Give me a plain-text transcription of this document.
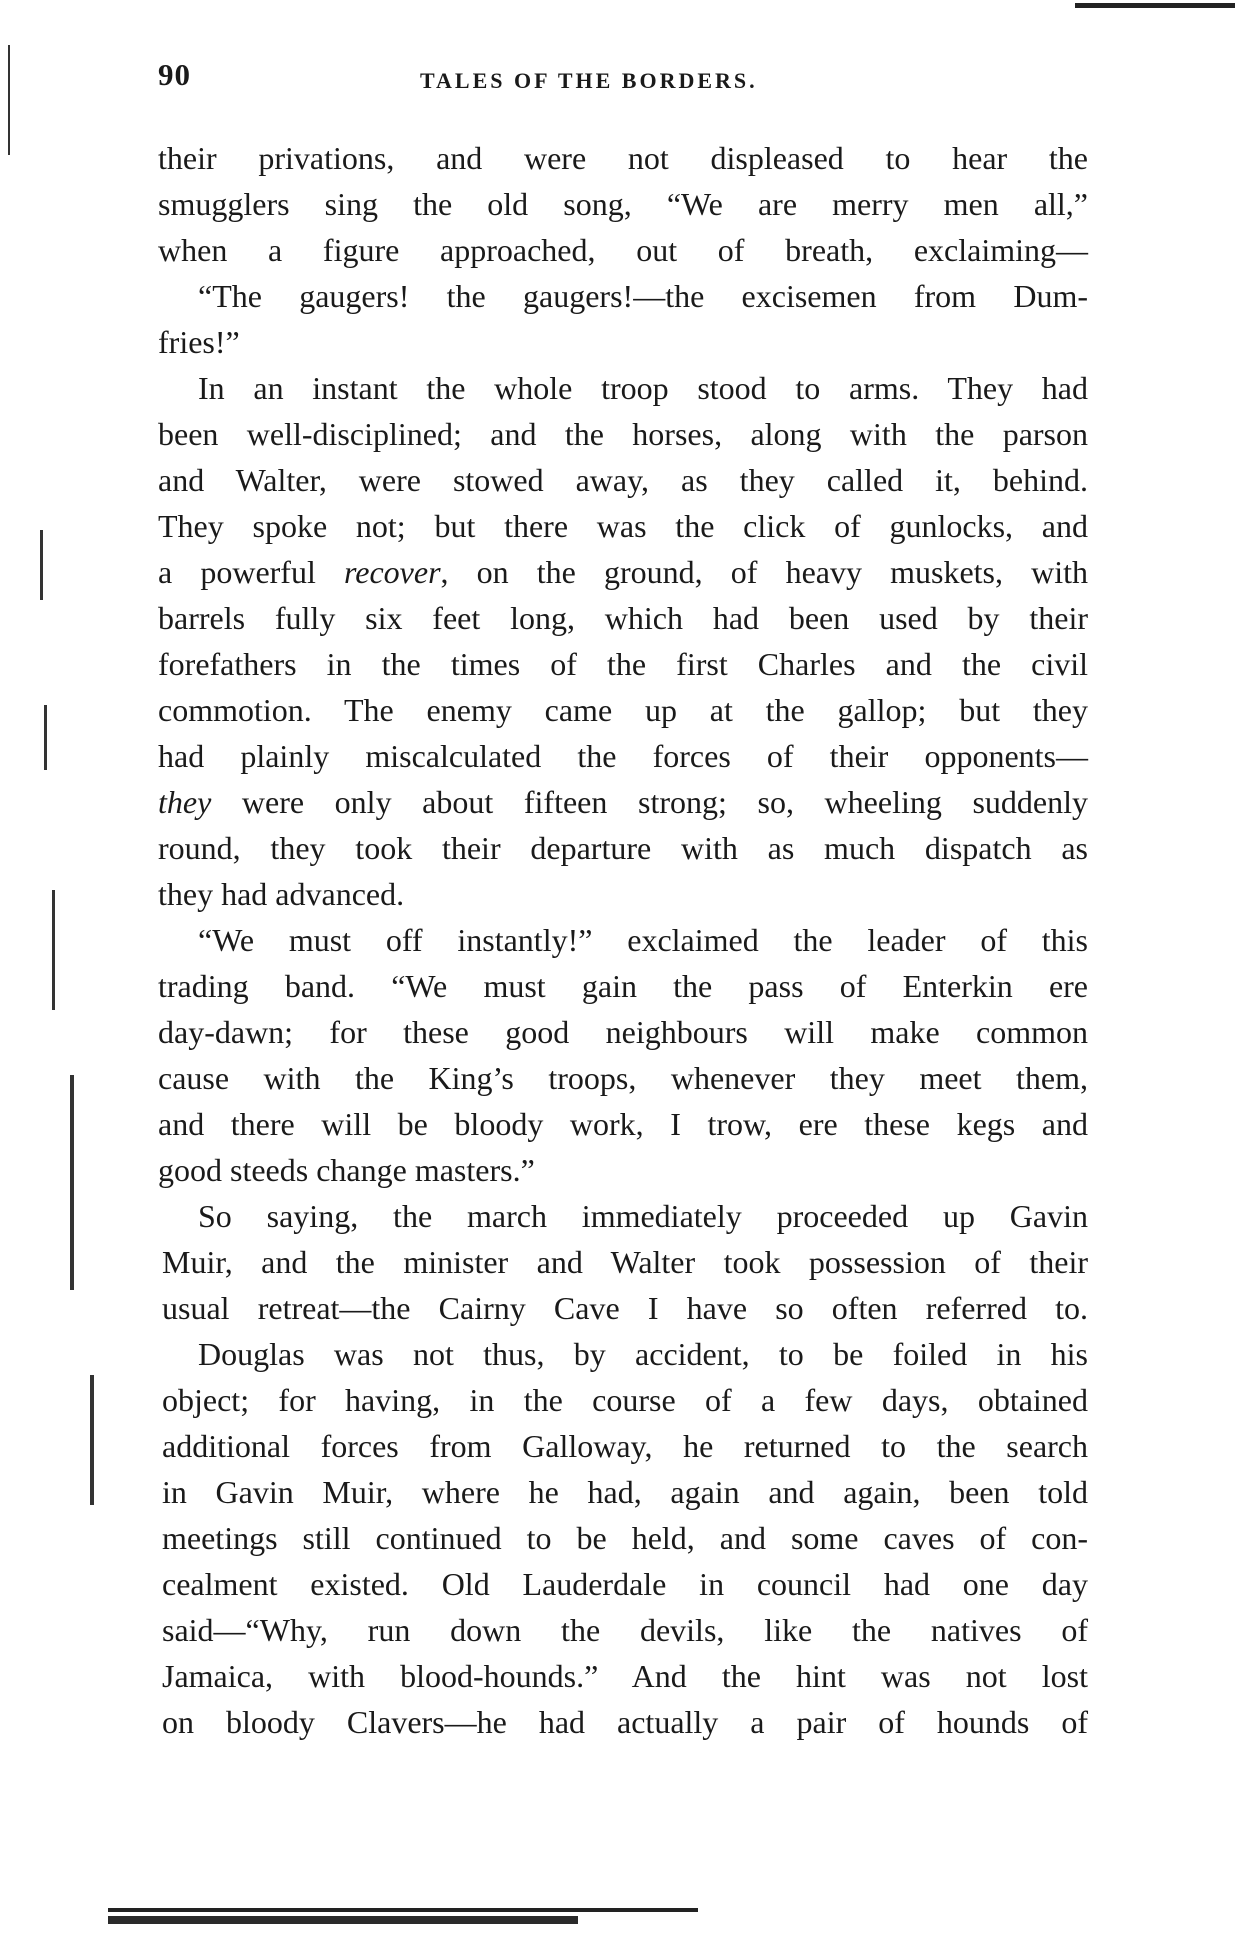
90	TALES OF THE BORDERS.
their privations, and were not displeased to hear the
smugglers sing the old song, “We are merry men all,”
when a figure approached, out of breath, exclaiming—
“The gaugers! the gaugers!—the excisemen from Dum-
fries!”
In an instant the whole troop stood to arms. They had
been well-disciplined; and the horses, along with the parson
and Walter, were stowed away, as they called it, behind.
They spoke not; but there was the click of gunlocks, and
a powerful recover, on the ground, of heavy muskets, with
barrels fully six feet long, which had been used by their
forefathers in the times of the first Charles and the civil
commotion. The enemy came up at the gallop; but they
had plainly miscalculated the forces of their opponents—
they were only about fifteen strong; so, wheeling suddenly
round, they took their departure with as much dispatch as
they had advanced.
“We must off instantly!” exclaimed the leader of this
trading band. “We must gain the pass of Enterkin ere
day-dawn; for these good neighbours will make common
cause with the King’s troops, whenever they meet them,
and there will be bloody work, I trow, ere these kegs and
good steeds change masters.”
So saying, the march immediately proceeded up Gavin
Muir, and the minister and Walter took possession of their
usual retreat—the Cairny Cave I have so often referred to.
Douglas was not thus, by accident, to be foiled in his
object; for having, in the course of a few days, obtained
additional forces from Galloway, he returned to the search
in Gavin Muir, where he had, again and again, been told
meetings still continued to be held, and some caves of con-
cealment existed. Old Lauderdale in council had one day
said—“Why, run down the devils, like the natives of
Jamaica, with blood-hounds.” And the hint was not lost
on bloody Clavers—he had actually a pair of hounds of
